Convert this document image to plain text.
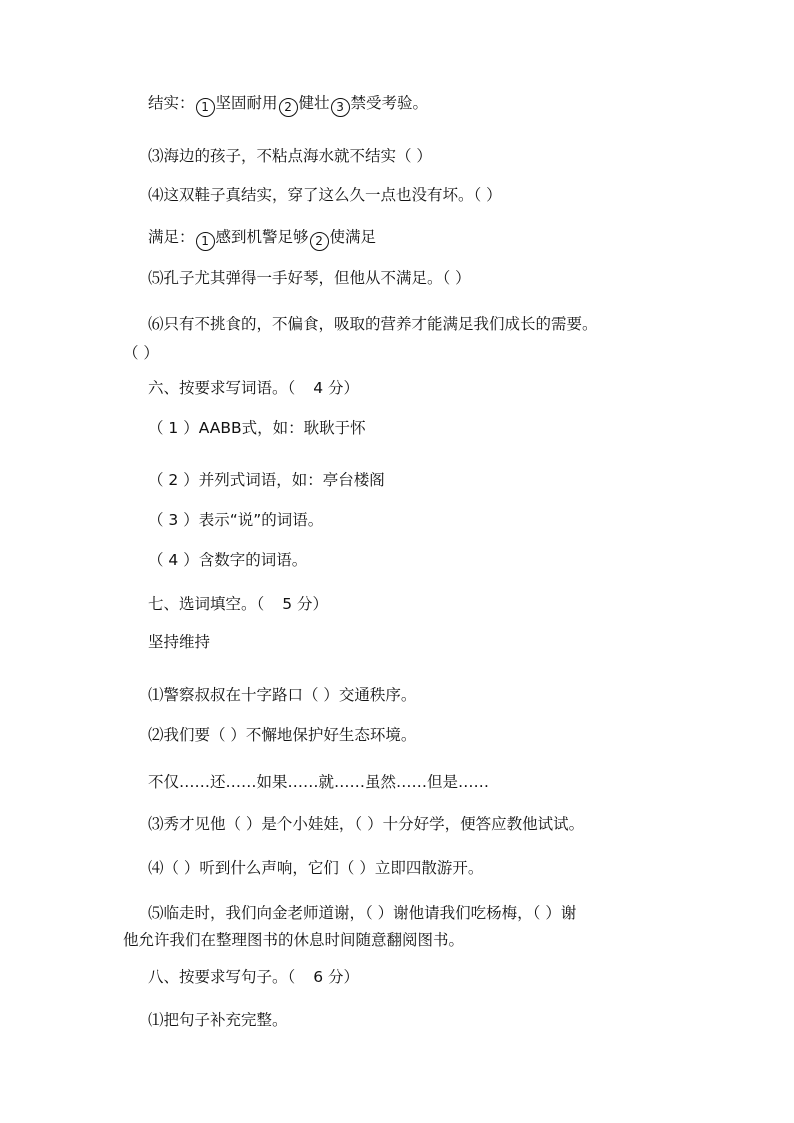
结实： 1 坚固耐用 2 健壮 3 禁受考验。
⑶海边的孩子，不粘点海水就不结实（ ）
⑷这双鞋子真结实，穿了这么久一点也没有坏。（ ）
满足： 1 感到机警足够 2 使满足
⑸孔子尤其弹得一手好琴，但他从不满足。（ ）
⑹只有不挑食的，不偏食，吸取的营养才能满足我们成长的需要。
（ ）
六、按要求写词语。（ 4 分）
（ 1 ）AABB式，如：耿耿于怀
（ 2 ）并列式词语，如：亭台楼阁
（ 3 ）表示“说”的词语。
（ 4 ）含数字的词语。
七、选词填空。（ 5 分）
坚持维持
⑴警察叔叔在十字路口（ ）交通秩序。
⑵我们要（ ）不懈地保护好生态环境。
不仅……还……如果……就……虽然……但是……
⑶秀才见他（ ）是个小娃娃，（ ）十分好学，便答应教他试试。
⑷（ ）听到什么声响，它们（ ）立即四散游开。
⑸临走时，我们向金老师道谢，（ ）谢他请我们吃杨梅，（ ）谢
他允许我们在整理图书的休息时间随意翻阅图书。
八、按要求写句子。（ 6 分）
⑴把句子补充完整。
